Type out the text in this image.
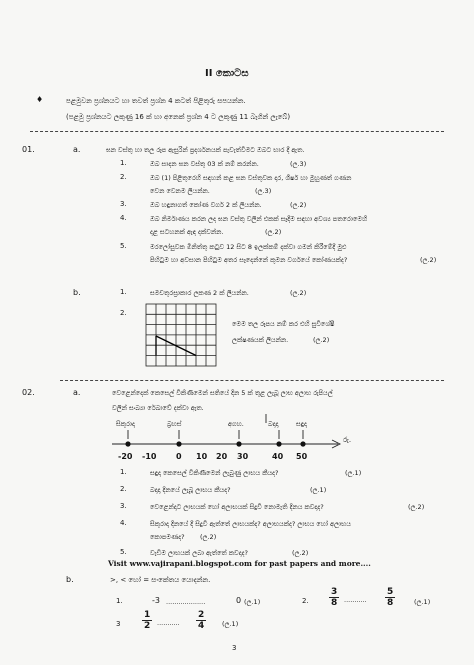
II කොටස
♦	පළමුවන ප්‍රශ්නයට හා තවත් ප්‍රශ්න 4 කටත් පිළිතුරු සපයන්න.
(පළමු ප්‍රශ්නයට ලකුණු 16 ක් හා අනෙක් ප්‍රශ්න 4 ට ලකුණු 11 බැගින් ලැබේ)
01.	a.	ඝන වස්තු හා තල රූප ඇසුරින් ප්‍රදර්ශනයක් පැවැත්වීමට ඔබට භාර දී ඇත.
1.	ඔබ සාදන ඝන වස්තු 03 ක් නම් කරන්න.	(ල.3)
2.	ඔබ (1) පිළිතුරෙහි සඳහන් කළ ඝන වස්තුවක දාර, ශීර්ෂ හා මුහුණත් ගණන
වෙන වෙනම ලියන්න.	(ල.3)
3.	ඔබ හඳුනාගත් කෝණ වර්ග 2 ක් ලියන්න.	(ල.2)
4.	ඔබ නිර්මාණය කරන ලද ඝන වස්තු වලින් එකක් සෑදීම සඳහා අවශ්‍ය පතරොමෙහි
දළ සටහනක් ඇඳ දක්වන්න.	(ල.2)
5.	මරලෝසුවක මිනිත්තු කටුව 12 සිට 8 ඉලක්කම් දක්වා ගමන් කිරීමේදී මුළු
පිහිටුම හා අවසාන පිහිටුම අතර සෑදෙන්නේ කුමන වර්ගයේ කෝණයක්ද?	(ල.2)
b.	1.	සමචතුරස්‍රාකාර ලකණ 2 ක් ලියන්න.	(ල.2)
2.
මෙම තල රූපය නම් කර එහි සුවිශේෂී
ලක්ෂණයක් ලියන්න.	(ල.2)
02.	a.	වෙළෙන්දෙක් කෙසෙල් විකිණීමෙන් සතියේ දින 5 ක් තුළ ලැබූ ලාභ අලාභ රුපියල්
වලින් සංඛ්‍යා රේඛාවේ දක්වා ඇත.
සිකුරාදා	බ්‍රහස්	අගහ.	බදාදා	සඳුදා
රු.
-20 -10 0 10 20 30	40 50
1.	සඳුදා කෙසෙල් විකිණීමෙන් ලැබුණු ලාභය කීයද?	(ල.1)
2.	බදාදා දිනයේ ලැබූ ලාභය කීයද?	(ල.1)
3.	වෙළෙන්දාට ලාභයක් හෝ අලාභයක් සිදුවී නොමැති දිනය කවදාද?	(ල.2)
4.	සිකුරාදා දිනයේ දී සිදුවී ඇත්තේ ලාභයක්ද? අලාභයක්ද? ලාභය හෝ අලාභය
කොපමණද? (ල.2)
5.	වැඩිම ලාභයක් ලබා ඇත්තේ කවදාද?	(ල.2)
Visit www.vajirapani.blogspot.com for past papers and more....
b.	>, < හෝ = සංකේතය යොදන්න.
1.	-3 ...................	0 (ල.1)	2. $\frac{3}{8}$ ........... $\frac{5}{8}$	(ල.1)
$3 \frac{1}{2}$ ........... $\frac{2}{4}$ (ල.1)
3
